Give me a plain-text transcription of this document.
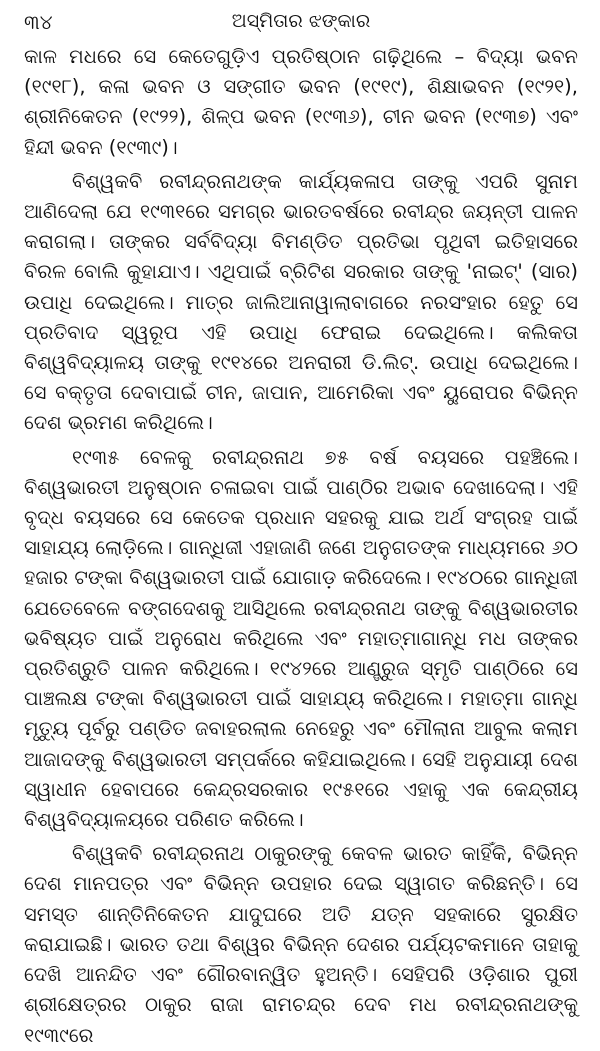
୩୪	ଅସ୍ମିତାର ଝଙ୍କାର

କାଳ ମଧରେ ସେ କେତେଗୁଡ଼ିଏ ପ୍ରତିଷ୍ଠାନ ଗଢ଼ିଥିଲେ – ବିଦ୍ୟା ଭବନ (୧୯୧୮), କଳା ଭବନ ଓ ସଙ୍ଗୀତ ଭବନ (୧୯୧୯), ଶିକ୍ଷାଭବନ (୧୯୨୧), ଶ୍ରୀନିକେତନ (୧୯୨୨), ଶିଳ୍ପ ଭବନ (୧୯୩୬), ଚୀନ ଭବନ (୧୯୩୭) ଏବଂ ହିନ୍ଦୀ ଭବନ (୧୯୩୯)।

ବିଶ୍ୱକବି ରବୀନ୍ଦ୍ରନାଥଙ୍କ କାର୍ଯ୍ୟକଳାପ ତାଙ୍କୁ ଏପରି ସୁନାମ ଆଣିଦେଲା ଯେ ୧୯୩୧ରେ ସମଗ୍ର ଭାରତବର୍ଷରେ ରବୀନ୍ଦ୍ର ଜୟନ୍ତୀ ପାଳନ କରାଗଲା। ତାଙ୍କର ସର୍ବବିଦ୍ୟା ବିମଣ୍ଡିତ ପ୍ରତିଭା ପୃଥିବୀ ଇତିହାସରେ ବିରଳ ବୋଲି କୁହାଯାଏ। ଏଥିପାଇଁ ବ୍ରିଟିଶ ସରକାର ତାଙ୍କୁ 'ନାଇଟ୍' (ସାର) ଉପାଧି ଦେଇଥିଲେ। ମାତ୍ର ଜାଲିଆନାୱାଲାବାଗରେ ନରସଂହାର ହେତୁ ସେ ପ୍ରତିବାଦ ସ୍ୱରୂପ ଏହି ଉପାଧି ଫେରାଇ ଦେଇଥିଲେ। କଲିକତା ବିଶ୍ୱବିଦ୍ୟାଳୟ ତାଙ୍କୁ ୧୯୧୪ରେ ଅନରାରୀ ଡି.ଲିଟ୍. ଉପାଧି ଦେଇଥିଲେ। ସେ ବକ୍ତୃତା ଦେବାପାଇଁ ଚୀନ, ଜାପାନ, ଆମେରିକା ଏବଂ ୟୁରୋପର ବିଭିନ୍ନ ଦେଶ ଭ୍ରମଣ କରିଥିଲେ।

୧୯୩୫ ବେଳକୁ ରବୀନ୍ଦ୍ରନାଥ ୭୫ ବର୍ଷ ବୟସରେ ପହଞ୍ଚିଲେ। ବିଶ୍ୱଭାରତୀ ଅନୁଷ୍ଠାନ ଚଳାଇବା ପାଇଁ ପାଣ୍ଠିର ଅଭାବ ଦେଖାଦେଲା। ଏହି ବୃଦ୍ଧ ବୟସରେ ସେ କେତେକ ପ୍ରଧାନ ସହରକୁ ଯାଇ ଅର୍ଥ ସଂଗ୍ରହ ପାଇଁ ସାହାଯ୍ୟ ଲୋଡ଼ିଲେ। ଗାନ୍ଧିଜୀ ଏହାଜାଣି ଜଣେ ଅନୁଗତଙ୍କ ମାଧ୍ୟମରେ ୬୦ ହଜାର ଟଙ୍କା ବିଶ୍ୱଭାରତୀ ପାଇଁ ଯୋଗାଡ଼ କରିଦେଲେ। ୧୯୪୦ରେ ଗାନ୍ଧିଜୀ ଯେତେବେଳେ ବଙ୍ଗଦେଶକୁ ଆସିଥିଲେ ରବୀନ୍ଦ୍ରନାଥ ତାଙ୍କୁ ବିଶ୍ୱଭାରତୀର ଭବିଷ୍ୟତ ପାଇଁ ଅନୁରୋଧ କରିଥିଲେ ଏବଂ ମହାତ୍ମାଗାନ୍ଧି ମଧ ତାଙ୍କର ପ୍ରତିଶ୍ରୁତି ପାଳନ କରିଥିଲେ। ୧୯୪୨ରେ ଆଣ୍ଡ୍ରୁଜ ସ୍ମୃତି ପାଣ୍ଠିରେ ସେ ପାଞ୍ଚଲକ୍ଷ ଟଙ୍କା ବିଶ୍ୱଭାରତୀ ପାଇଁ ସାହାଯ୍ୟ କରିଥିଲେ। ମହାତ୍ମା ଗାନ୍ଧି ମୃତ୍ୟୁ ପୂର୍ବରୁ ପଣ୍ଡିତ ଜବାହରଲାଲ ନେହେରୁ ଏବଂ ମୌଲାନା ଆବୁଲ କଲାମ ଆଜାଦଙ୍କୁ ବିଶ୍ୱଭାରତୀ ସମ୍ପର୍କରେ କହିଯାଇଥିଲେ। ସେହି ଅନୁଯାୟୀ ଦେଶ ସ୍ୱାଧୀନ ହେବାପରେ କେନ୍ଦ୍ରସରକାର ୧୯୫୧ରେ ଏହାକୁ ଏକ କେନ୍ଦ୍ରୀୟ ବିଶ୍ୱବିଦ୍ୟାଳୟରେ ପରିଣତ କରିଲେ।

ବିଶ୍ୱକବି ରବୀନ୍ଦ୍ରନାଥ ଠାକୁରଙ୍କୁ କେବଳ ଭାରତ କାହିଁକି, ବିଭିନ୍ନ ଦେଶ ମାନପତ୍ର ଏବଂ ବିଭିନ୍ନ ଉପହାର ଦେଇ ସ୍ୱାଗତ କରିଛନ୍ତି। ସେ ସମସ୍ତ ଶାନ୍ତିନିକେତନ ଯାଦୁଘରେ ଅତି ଯତ୍ନ ସହକାରେ ସୁରକ୍ଷିତ କରାଯାଇଛି। ଭାରତ ତଥା ବିଶ୍ୱର ବିଭିନ୍ନ ଦେଶର ପର୍ଯ୍ୟଟକମାନେ ତାହାକୁ ଦେଖି ଆନନ୍ଦିତ ଏବଂ ଗୌରବାନ୍ୱିତ ହୁଅନ୍ତି। ସେହିପରି ଓଡ଼ିଶାର ପୁରୀ ଶ୍ରୀକ୍ଷେତ୍ରର ଠାକୁର ରାଜା ରାମଚନ୍ଦ୍ର ଦେବ ମଧ ରବୀନ୍ଦ୍ରନାଥଙ୍କୁ ୧୯୩୯ରେ
